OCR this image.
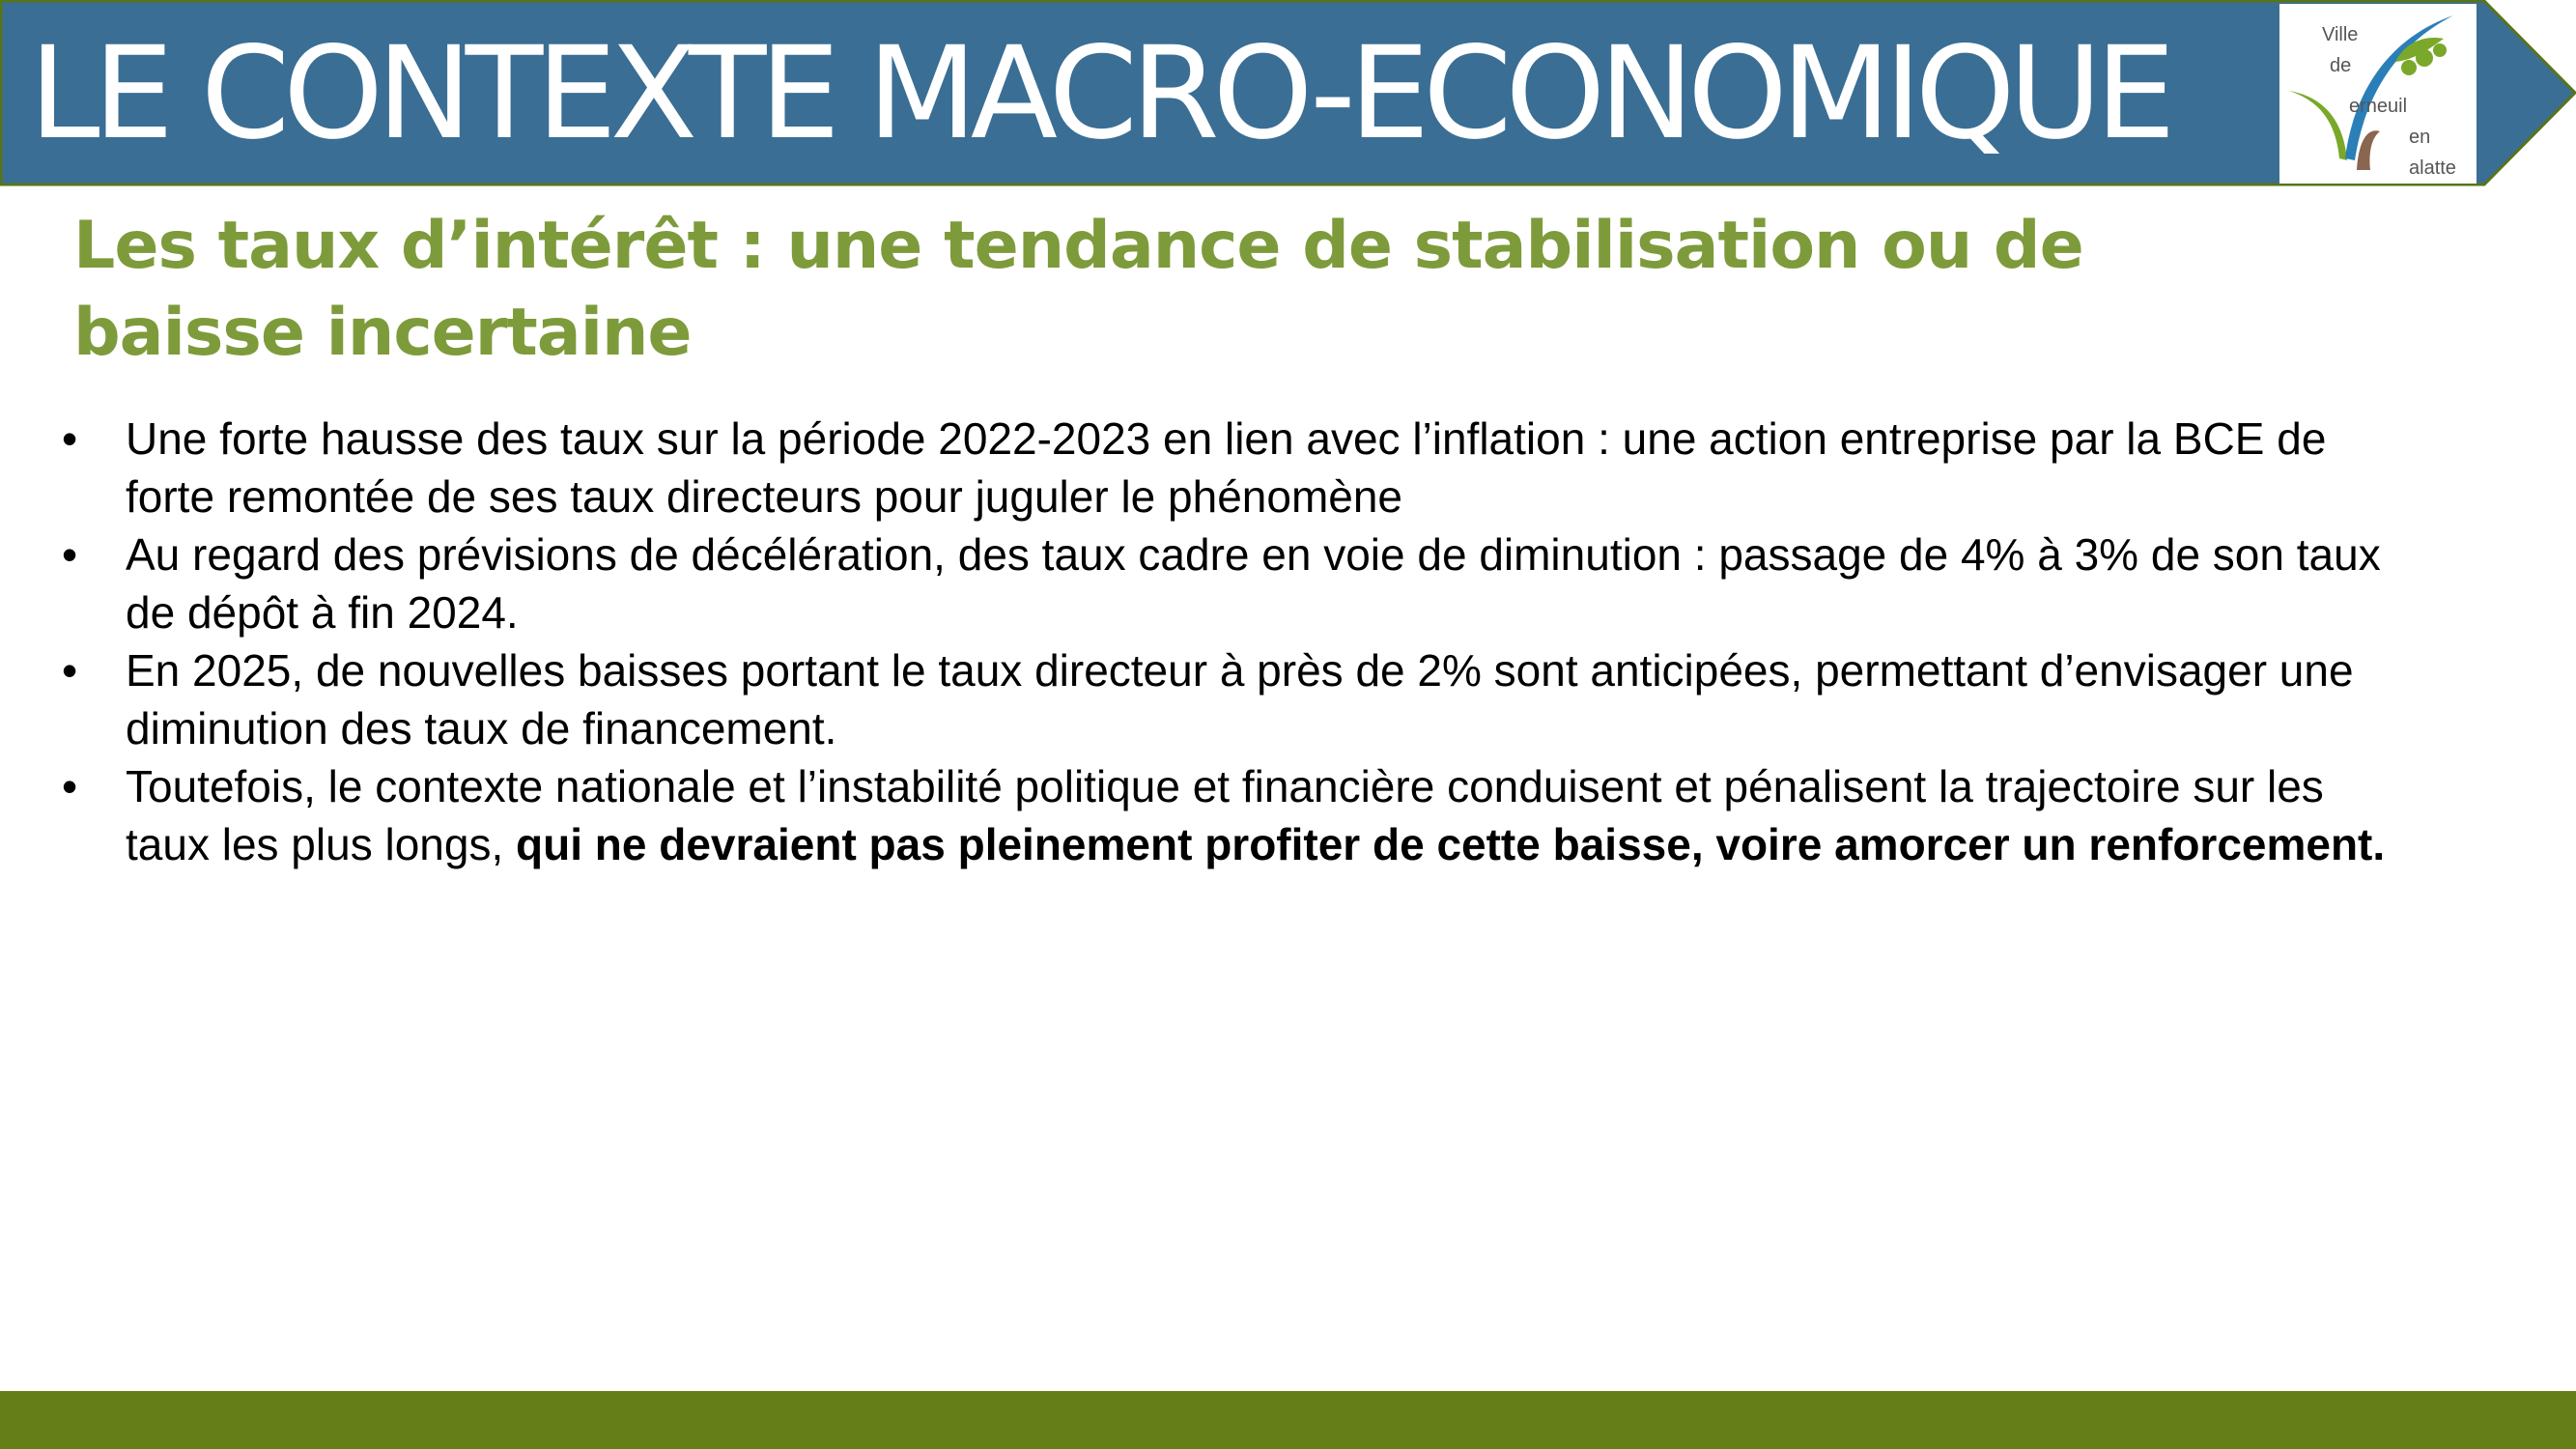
LE CONTEXTE MACRO-ECONOMIQUE	Ville
de
erneuil
en
alatte
Les taux d’intérêt : une tendance de stabilisation ou de baisse incertaine
• Une forte hausse des taux sur la période 2022-2023 en lien avec l’inflation : une action entreprise par la BCE de forte remontée de ses taux directeurs pour juguler le phénomène
• Au regard des prévisions de décélération, des taux cadre en voie de diminution : passage de 4% à 3% de son taux de dépôt à fin 2024.
• En 2025, de nouvelles baisses portant le taux directeur à près de 2% sont anticipées, permettant d’envisager une diminution des taux de financement.
• Toutefois, le contexte nationale et l’instabilité politique et financière conduisent et pénalisent la trajectoire sur les taux les plus longs, qui ne devraient pas pleinement profiter de cette baisse, voire amorcer un renforcement.
